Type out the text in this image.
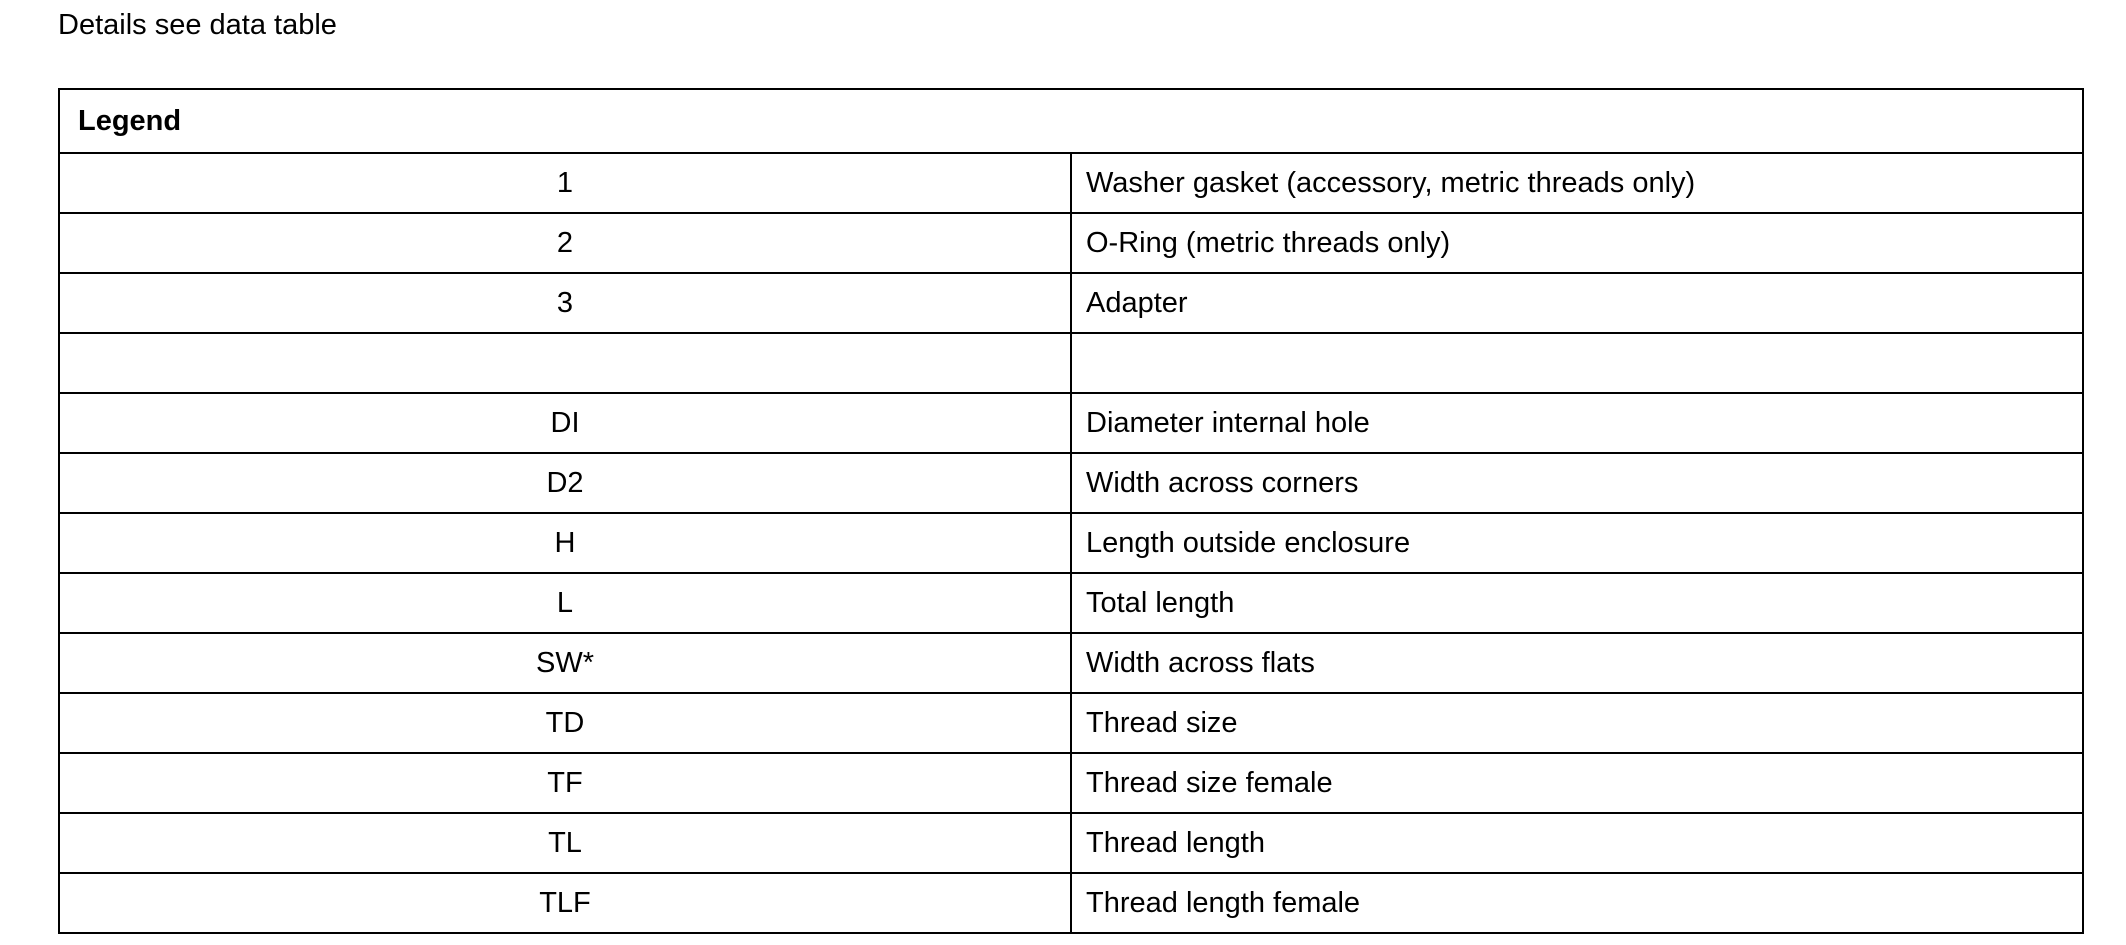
Details see data table
Legend	
1	Washer gasket (accessory, metric threads only)
2	O-Ring (metric threads only)
3	Adapter

DI	Diameter internal hole
D2	Width across corners
H	Length outside enclosure
L	Total length
SW*	Width across flats
TD	Thread size
TF	Thread size female
TL	Thread length
TLF	Thread length female
